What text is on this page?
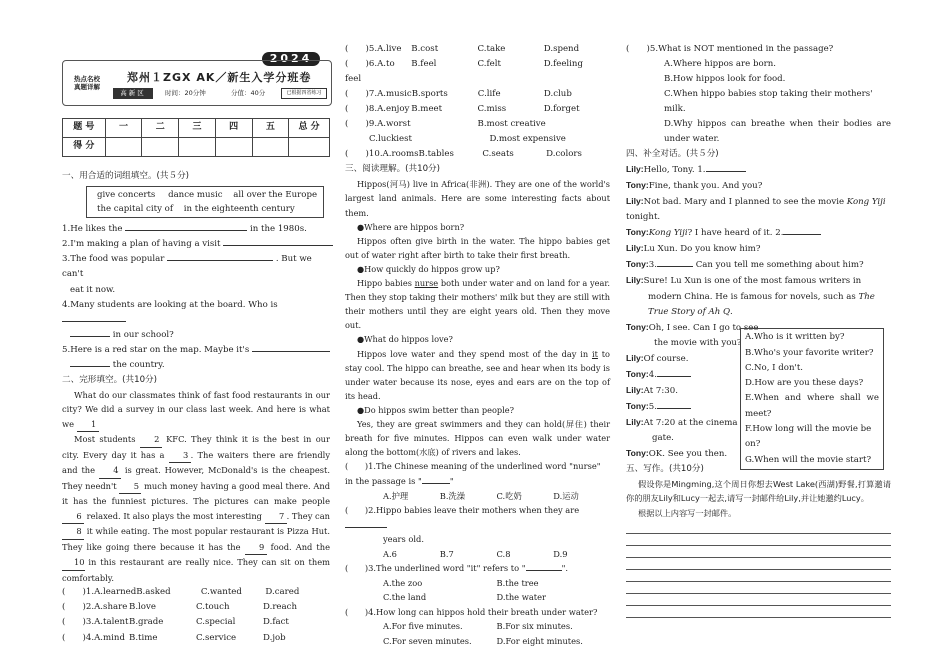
2024
热点名校
真题详解
郑州１ZGX AK／新生入学分班卷
高新区	时间：20分钟	分值：40分	已根据四省练习
题 号	一	二	三	四	五	总 分
得 分						
一、用合适的词组填空。(共５分)
give concerts dance music all over the Europe
the capital city of in the eighteenth century
1.He likes the	in the 1980s.
2.I'm making a plan of having a visit
3.The food was popular	. But we can't
eat it now.
4.Many students are looking at the board. Who is
in our school?
5.Here is a red star on the map. Maybe it's
the country.
二、完形填空。(共10分)
What do our classmates think of fast food restaurants in our city? We did a survey in our class last week. And here is what we 1
Most students 2 KFC. They think it is the best in our city. Every day it has a 3 . The waiters there are friendly and the 4 is great. However, McDonald's is the cheapest. They needn't 5 much money having a good meal there. And it has the funniest pictures. The pictures can make people 6 relaxed. It also plays the most interesting 7 . They can 8 it while eating. The most popular restaurant is Pizza Hut. They like going there because it has the 9 food. And the 10 in this restaurant are really nice. They can sit on them comfortably.
(　　)1.A.learned B.asked	C.wanted	D.cared
(　　)2.A.share B.love	C.touch	D.reach
(　　)3.A.talent B.grade	C.special	D.fact
(　　)4.A.mind B.time	C.service	D.job
(　　)5.A.live	B.cost	C.take	D.spend
(　　)6.A.to feel
B.feel	C.felt	D.feeling
(　　)7.A.music B.sports	C.life	D.club
(　　)8.A.enjoy B.meet	C.miss	D.forget
(　　)9.A.worst	B.most creative
C.luckiest	D.most expensive
(　　)10.A.rooms B.tables	C.seats	D.colors
三、阅读理解。(共10分)
Hippos(河马) live in Africa(非洲). They are one of the world's largest land animals. Here are some interesting facts about them.
●Where are hippos born?
Hippos often give birth in the water. The hippo babies get out of water right after birth to take their first breath.
●How quickly do hippos grow up?
Hippo babies nurse both under water and on land for a year. Then they stop taking their mothers' milk but they are still with their mothers until they are eight years old. Then they move out.
●What do hippos love?
Hippos love water and they spend most of the day in it to stay cool. The hippo can breathe, see and hear when its body is under water because its nose, eyes and ears are on the top of its head.
●Do hippos swim better than people?
Yes, they are great swimmers and they can hold(屏住) their breath for five minutes. Hippos can even walk under water along the bottom(水底) of rivers and lakes.
(　　)1.The Chinese meaning of the underlined word "nurse" in the passage is "	"
A.护理	B.洗澡	C.吃奶	D.运动
(　　)2.Hippo babies leave their mothers when they are
years old.
A.6	B.7	C.8	D.9
(　　)3.The underlined word "it" refers to "	".
A.the zoo	B.the tree
C.the land	D.the water
(　　)4.How long can hippos hold their breath under water?
A.For five minutes.	B.For six minutes.
C.For seven minutes.	D.For eight minutes.
(　　)5.What is NOT mentioned in the passage?
A.Where hippos are born.
B.How hippos look for food.
C.When hippo babies stop taking their mothers' milk.
D.Why hippos can breathe when their bodies are under water.
四、补全对话。(共５分)
Lily:Hello, Tony. 1.
Tony:Fine, thank you. And you?
Lily:Not bad. Mary and I planned to see the movie Kong Yiji tonight.
Tony:Kong Yiji? I have heard of it. 2.
Lily:Lu Xun. Do you know him?
Tony:3.	Can you tell me something about him?
Lily:Sure! Lu Xun is one of the most famous writers in modern China. He is famous for novels, such as The True Story of Ah Q.
Tony:Oh, I see. Can I go to see the movie with you?
Lily:Of course.
Tony:4.
Lily:At 7:30.
Tony:5.
Lily:At 7:20 at the cinema gate.
Tony:OK. See you then.
A.Who is it written by?
B.Who's your favorite writer?
C.No, I don't.
D.How are you these days?
E.When and where shall we meet?
F.How long will the movie be on?
G.When will the movie start?
五、写作。(共10分)
假设你是Mingming,这个周日你想去West Lake(西湖)野餐,打算邀请你的朋友Lily和Lucy一起去,请写一封邮件给Lily,并让她邀约Lucy。
根据以上内容写一封邮件。
